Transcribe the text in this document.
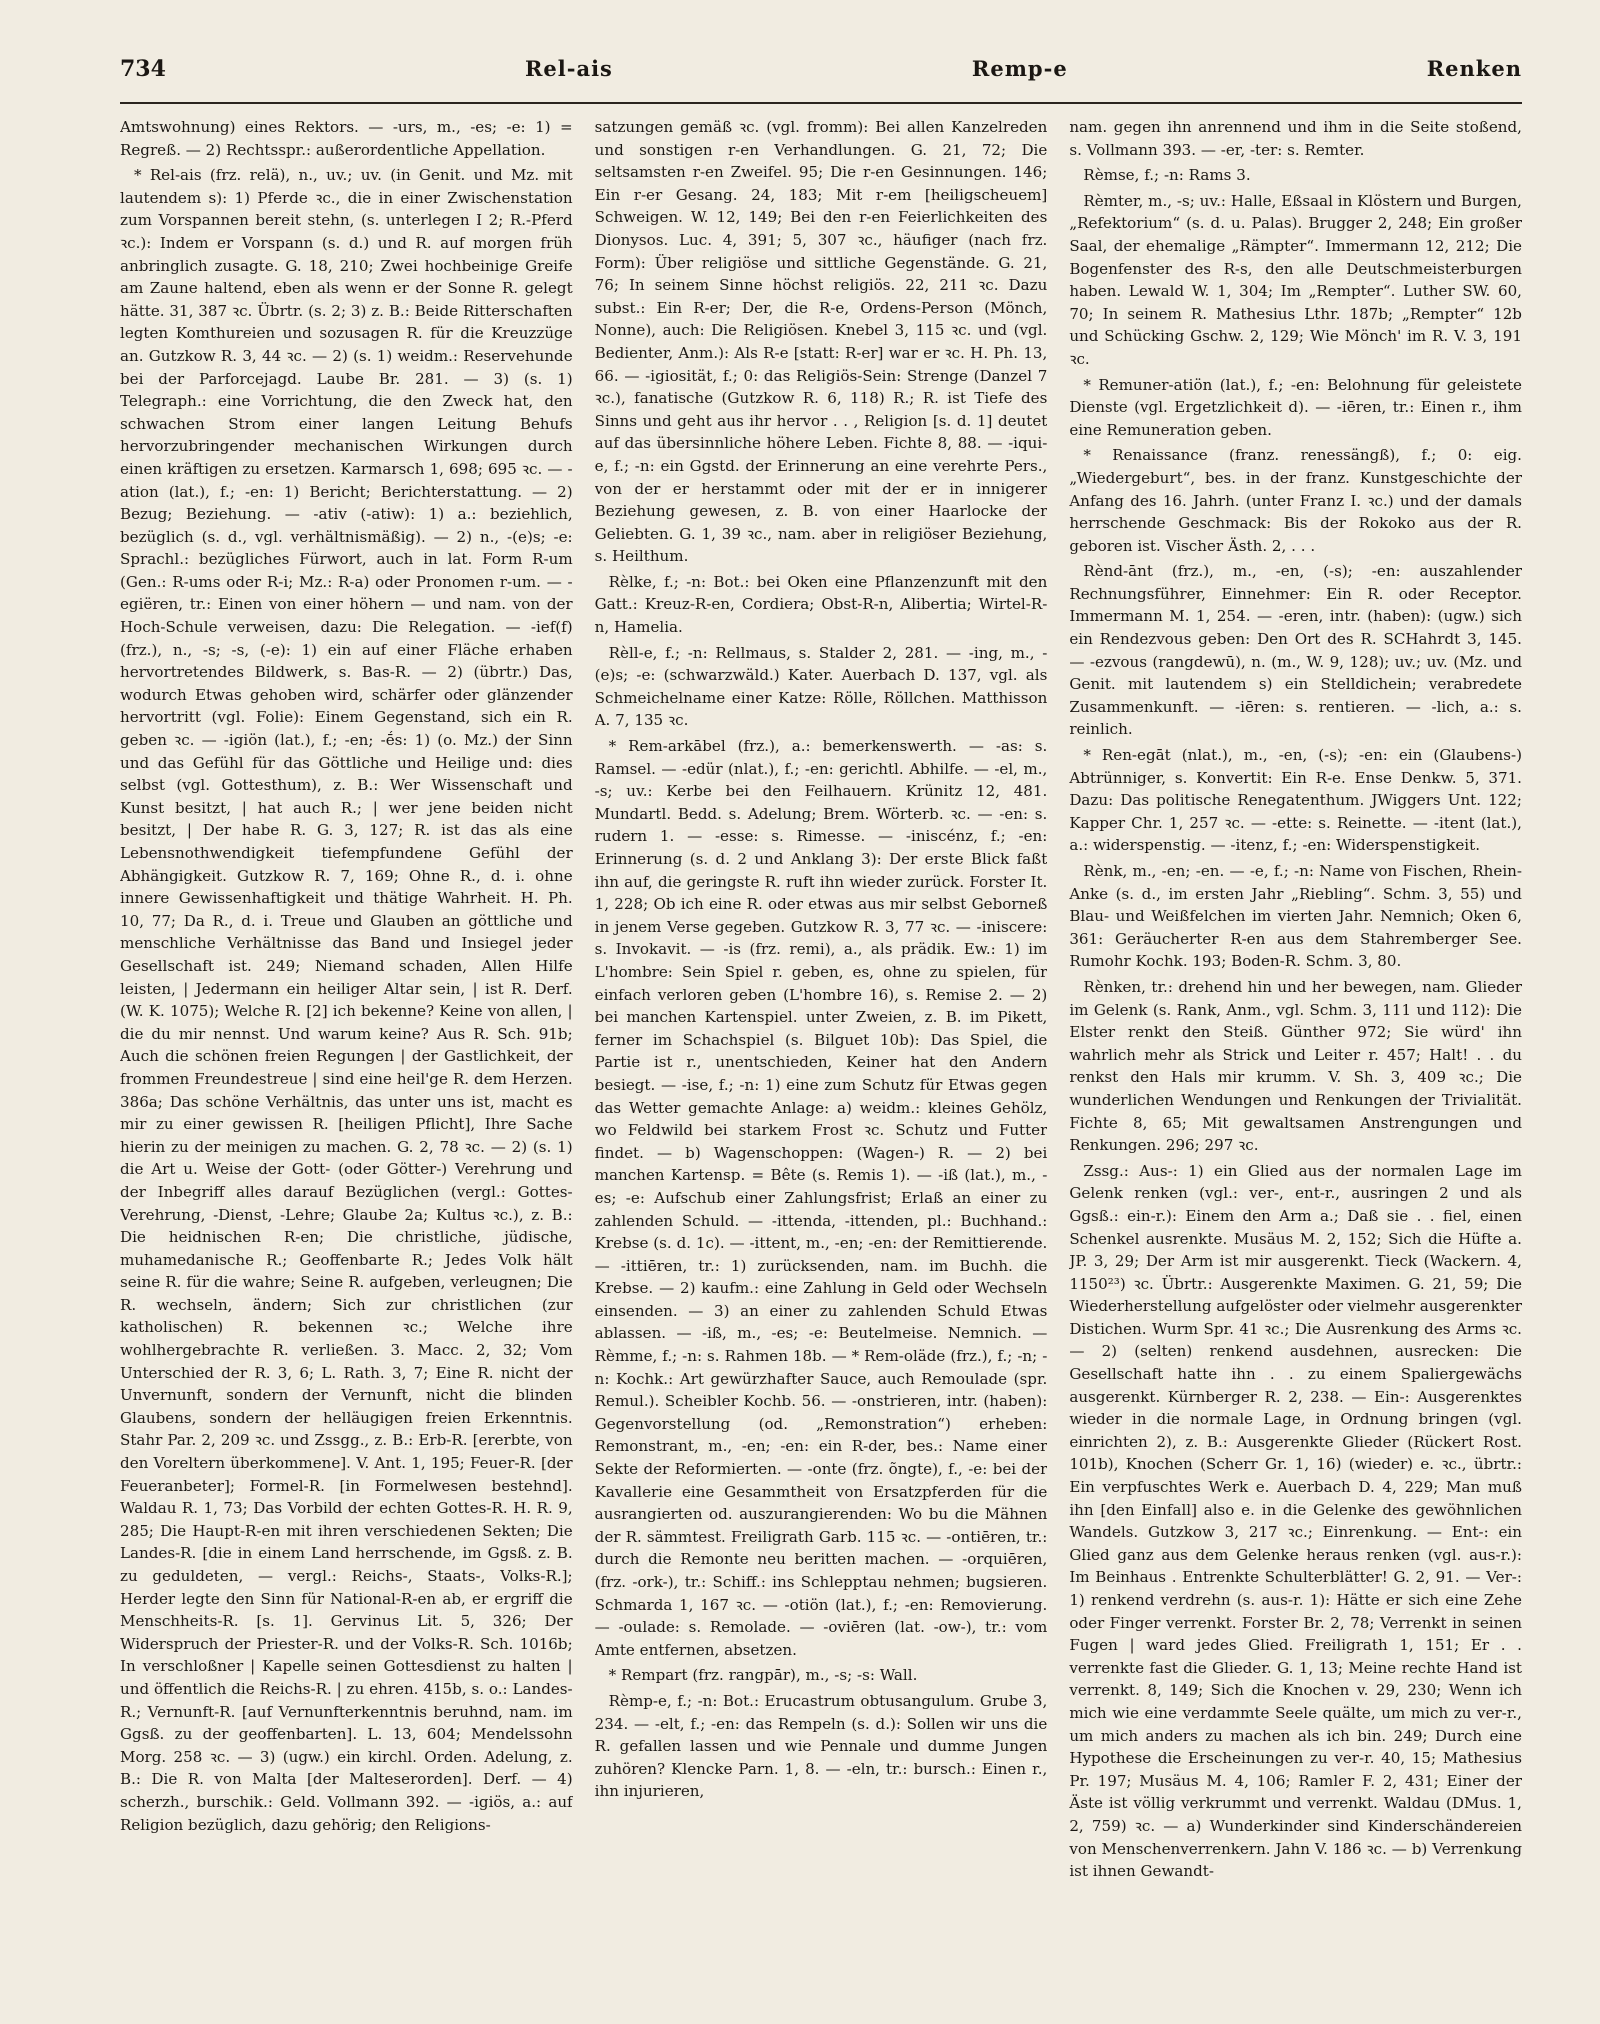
734	Rel-ais	Remp-e	Renken

Amtswohnung) eines Rektors. — -urs, m., -es; -e: 1) = Regreß. — 2) Rechtsspr.: außerordentliche Appellation.

* Rel-ais (frz. relä), n., uv.; uv. (in Genit. und Mz. mit lautendem s): 1) Pferde ꝛc., die in einer Zwischenstation zum Vorspannen bereit stehn, (s. unterlegen I 2; R.-Pferd ꝛc.): Indem er Vorspann (s. d.) und R. auf morgen früh anbringlich zusagte. G. 18, 210; Zwei hochbeinige Greife am Zaune haltend, eben als wenn er der Sonne R. gelegt hätte. 31, 387 ꝛc. Übrtr. (s. 2; 3) z. B.: Beide Ritterschaften legten Komthureien und sozusagen R. für die Kreuzzüge an. Gutzkow R. 3, 44 ꝛc. — 2) (s. 1) weidm.: Reservehunde bei der Parforcejagd. Laube Br. 281. — 3) (s. 1) Telegraph.: eine Vorrichtung, die den Zweck hat, den schwachen Strom einer langen Leitung Behufs hervorzubringender mechanischen Wirkungen durch einen kräftigen zu ersetzen. Karmarsch 1, 698; 695 ꝛc. — -ation (lat.), f.; -en: 1) Bericht; Berichterstattung. — 2) Bezug; Beziehung. — -ativ (-atiw): 1) a.: beziehlich, bezüglich (s. d., vgl. verhältnismäßig). — 2) n., -(e)s; -e: Sprachl.: bezügliches Fürwort, auch in lat. Form R-um (Gen.: R-ums oder R-i; Mz.: R-a) oder Pronomen r-um. — -egiëren, tr.: Einen von einer höhern — und nam. von der Hoch-Schule verweisen, dazu: Die Relegation. — -ief(f) (frz.), n., -s; -s, (-e): 1) ein auf einer Fläche erhaben hervortretendes Bildwerk, s. Bas-R. — 2) (übrtr.) Das, wodurch Etwas gehoben wird, schärfer oder glänzender hervortritt (vgl. Folie): Einem Gegenstand, sich ein R. geben ꝛc. — -igiön (lat.), f.; -en; -ḗs: 1) (o. Mz.) der Sinn und das Gefühl für das Göttliche und Heilige und: dies selbst (vgl. Gottesthum), z. B.: Wer Wissenschaft und Kunst besitzt, | hat auch R.; | wer jene beiden nicht besitzt, | Der habe R. G. 3, 127; R. ist das als eine Lebensnothwendigkeit tiefempfundene Gefühl der Abhängigkeit. Gutzkow R. 7, 169; Ohne R., d. i. ohne innere Gewissenhaftigkeit und thätige Wahrheit. H. Ph. 10, 77; Da R., d. i. Treue und Glauben an göttliche und menschliche Verhältnisse das Band und Insiegel jeder Gesellschaft ist. 249; Niemand schaden, Allen Hilfe leisten, | Jedermann ein heiliger Altar sein, | ist R. Derf. (W. K. 1075); Welche R. [2] ich bekenne? Keine von allen, | die du mir nennst. Und warum keine? Aus R. Sch. 91b; Auch die schönen freien Regungen | der Gastlichkeit, der frommen Freundestreue | sind eine heil'ge R. dem Herzen. 386a; Das schöne Verhältnis, das unter uns ist, macht es mir zu einer gewissen R. [heiligen Pflicht], Ihre Sache hierin zu der meinigen zu machen. G. 2, 78 ꝛc. — 2) (s. 1) die Art u. Weise der Gott- (oder Götter-) Verehrung und der Inbegriff alles darauf Bezüglichen (vergl.: Gottes-Verehrung, -Dienst, -Lehre; Glaube 2a; Kultus ꝛc.), z. B.: Die heidnischen R-en; Die christliche, jüdische, muhamedanische R.; Geoffenbarte R.; Jedes Volk hält seine R. für die wahre; Seine R. aufgeben, verleugnen; Die R. wechseln, ändern; Sich zur christlichen (zur katholischen) R. bekennen ꝛc.; Welche ihre wohlhergebrachte R. verließen. 3. Macc. 2, 32; Vom Unterschied der R. 3, 6; L. Rath. 3, 7; Eine R. nicht der Unvernunft, sondern der Vernunft, nicht die blinden Glaubens, sondern der helläugigen freien Erkenntnis. Stahr Par. 2, 209 ꝛc. und Zssgg., z. B.: Erb-R. [ererbte, von den Voreltern überkommene]. V. Ant. 1, 195; Feuer-R. [der Feueranbeter]; Formel-R. [in Formelwesen bestehnd]. Waldau R. 1, 73; Das Vorbild der echten Gottes-R. H. R. 9, 285; Die Haupt-R-en mit ihren verschiedenen Sekten; Die Landes-R. [die in einem Land herrschende, im Ggsß. z. B. zu geduldeten, — vergl.: Reichs-, Staats-, Volks-R.]; Herder legte den Sinn für National-R-en ab, er ergriff die Menschheits-R. [s. 1]. Gervinus Lit. 5, 326; Der Widerspruch der Priester-R. und der Volks-R. Sch. 1016b; In verschloßner | Kapelle seinen Gottesdienst zu halten | und öffentlich die Reichs-R. | zu ehren. 415b, s. o.: Landes-R.; Vernunft-R. [auf Vernunfterkenntnis beruhnd, nam. im Ggsß. zu der geoffenbarten]. L. 13, 604; Mendelssohn Morg. 258 ꝛc. — 3) (ugw.) ein kirchl. Orden. Adelung, z. B.: Die R. von Malta [der Malteserorden]. Derf. — 4) scherzh., burschik.: Geld. Vollmann 392. — -igiös, a.: auf Religion bezüglich, dazu gehörig; den Religions-

satzungen gemäß ꝛc. (vgl. fromm): Bei allen Kanzelreden und sonstigen r-en Verhandlungen. G. 21, 72; Die seltsamsten r-en Zweifel. 95; Die r-en Gesinnungen. 146; Ein r-er Gesang. 24, 183; Mit r-em [heiligscheuem] Schweigen. W. 12, 149; Bei den r-en Feierlichkeiten des Dionysos. Luc. 4, 391; 5, 307 ꝛc., häufiger (nach frz. Form): Über religiöse und sittliche Gegenstände. G. 21, 76; In seinem Sinne höchst religiös. 22, 211 ꝛc. Dazu subst.: Ein R-er; Der, die R-e, Ordens-Person (Mönch, Nonne), auch: Die Religiösen. Knebel 3, 115 ꝛc. und (vgl. Bedienter, Anm.): Als R-e [statt: R-er] war er ꝛc. H. Ph. 13, 66. — -igiosität, f.; 0: das Religiös-Sein: Strenge (Danzel 7 ꝛc.), fanatische (Gutzkow R. 6, 118) R.; R. ist Tiefe des Sinns und geht aus ihr hervor . . , Religion [s. d. 1] deutet auf das übersinnliche höhere Leben. Fichte 8, 88. — -iqui-e, f.; -n: ein Ggstd. der Erinnerung an eine verehrte Pers., von der er herstammt oder mit der er in innigerer Beziehung gewesen, z. B. von einer Haarlocke der Geliebten. G. 1, 39 ꝛc., nam. aber in religiöser Beziehung, s. Heilthum.

Rèlke, f.; -n: Bot.: bei Oken eine Pflanzenzunft mit den Gatt.: Kreuz-R-en, Cordiera; Obst-R-n, Alibertia; Wirtel-R-n, Hamelia.

Rèll-e, f.; -n: Rellmaus, s. Stalder 2, 281. — -ing, m., -(e)s; -e: (schwarzwäld.) Kater. Auerbach D. 137, vgl. als Schmeichelname einer Katze: Rölle, Röllchen. Matthisson A. 7, 135 ꝛc.

* Rem-arkābel (frz.), a.: bemerkenswerth. — -as: s. Ramsel. — -edür (nlat.), f.; -en: gerichtl. Abhilfe. — -el, m., -s; uv.: Kerbe bei den Feilhauern. Krünitz 12, 481. Mundartl. Bedd. s. Adelung; Brem. Wörterb. ꝛc. — -en: s. rudern 1. — -esse: s. Rimesse. — -iniscénz, f.; -en: Erinnerung (s. d. 2 und Anklang 3): Der erste Blick faßt ihn auf, die geringste R. ruft ihn wieder zurück. Forster It. 1, 228; Ob ich eine R. oder etwas aus mir selbst Geborneß in jenem Verse gegeben. Gutzkow R. 3, 77 ꝛc. — -iniscere: s. Invokavit. — -is (frz. remi), a., als prädik. Ew.: 1) im L'hombre: Sein Spiel r. geben, es, ohne zu spielen, für einfach verloren geben (L'hombre 16), s. Remise 2. — 2) bei manchen Kartenspiel. unter Zweien, z. B. im Pikett, ferner im Schachspiel (s. Bilguet 10b): Das Spiel, die Partie ist r., unentschieden, Keiner hat den Andern besiegt. — -ise, f.; -n: 1) eine zum Schutz für Etwas gegen das Wetter gemachte Anlage: a) weidm.: kleines Gehölz, wo Feldwild bei starkem Frost ꝛc. Schutz und Futter findet. — b) Wagenschoppen: (Wagen-) R. — 2) bei manchen Kartensp. = Bête (s. Remis 1). — -iß (lat.), m., -es; -e: Aufschub einer Zahlungsfrist; Erlaß an einer zu zahlenden Schuld. — -ittenda, -ittenden, pl.: Buchhand.: Krebse (s. d. 1c). — -ittent, m., -en; -en: der Remittierende. — -ittiēren, tr.: 1) zurücksenden, nam. im Buchh. die Krebse. — 2) kaufm.: eine Zahlung in Geld oder Wechseln einsenden. — 3) an einer zu zahlenden Schuld Etwas ablassen. — -iß, m., -es; -e: Beutelmeise. Nemnich. — Rèmme, f.; -n: s. Rahmen 18b. — * Rem-oläde (frz.), f.; -n; -n: Kochk.: Art gewürzhafter Sauce, auch Remoulade (spr. Remul.). Scheibler Kochb. 56. — -onstrieren, intr. (haben): Gegenvorstellung (od. „Remonstration“) erheben: Remonstrant, m., -en; -en: ein R-der, bes.: Name einer Sekte der Reformierten. — -onte (frz. õngte), f., -e: bei der Kavallerie eine Gesammtheit von Ersatzpferden für die ausrangierten od. auszurangierenden: Wo bu die Mähnen der R. sämmtest. Freiligrath Garb. 115 ꝛc. — -ontiēren, tr.: durch die Remonte neu beritten machen. — -orquiēren, (frz. -ork-), tr.: Schiff.: ins Schlepptau nehmen; bugsieren. Schmarda 1, 167 ꝛc. — -otiön (lat.), f.; -en: Removierung. — -oulade: s. Remolade. — -oviēren (lat. -ow-), tr.: vom Amte entfernen, absetzen.

* Rempart (frz. rangpār), m., -s; -s: Wall.

Rèmp-e, f.; -n: Bot.: Erucastrum obtusangulum. Grube 3, 234. — -elt, f.; -en: das Rempeln (s. d.): Sollen wir uns die R. gefallen lassen und wie Pennale und dumme Jungen zuhören? Klencke Parn. 1, 8. — -eln, tr.: bursch.: Einen r., ihn injurieren,

nam. gegen ihn anrennend und ihm in die Seite stoßend, s. Vollmann 393. — -er, -ter: s. Remter.

Rèmse, f.; -n: Rams 3.

Rèmter, m., -s; uv.: Halle, Eßsaal in Klöstern und Burgen, „Refektorium“ (s. d. u. Palas). Brugger 2, 248; Ein großer Saal, der ehemalige „Rämpter“. Immermann 12, 212; Die Bogenfenster des R-s, den alle Deutschmeisterburgen haben. Lewald W. 1, 304; Im „Rempter“. Luther SW. 60, 70; In seinem R. Mathesius Lthr. 187b; „Rempter“ 12b und Schücking Gschw. 2, 129; Wie Mönch' im R. V. 3, 191 ꝛc.

* Remuner-atiön (lat.), f.; -en: Belohnung für geleistete Dienste (vgl. Ergetzlichkeit d). — -iēren, tr.: Einen r., ihm eine Remuneration geben.

* Renaissance (franz. renessängß), f.; 0: eig. „Wiedergeburt“, bes. in der franz. Kunstgeschichte der Anfang des 16. Jahrh. (unter Franz I. ꝛc.) und der damals herrschende Geschmack: Bis der Rokoko aus der R. geboren ist. Vischer Ästh. 2, . . .

Rènd-ānt (frz.), m., -en, (-s); -en: auszahlender Rechnungsführer, Einnehmer: Ein R. oder Receptor. Immermann M. 1, 254. — -eren, intr. (haben): (ugw.) sich ein Rendezvous geben: Den Ort des R. SCHahrdt 3, 145. — -ezvous (rangdewū), n. (m., W. 9, 128); uv.; uv. (Mz. und Genit. mit lautendem s) ein Stelldichein; verabredete Zusammenkunft. — -iēren: s. rentieren. — -lich, a.: s. reinlich.

* Ren-egāt (nlat.), m., -en, (-s); -en: ein (Glaubens-) Abtrünniger, s. Konvertit: Ein R-e. Ense Denkw. 5, 371. Dazu: Das politische Renegatenthum. JWiggers Unt. 122; Kapper Chr. 1, 257 ꝛc. — -ette: s. Reinette. — -itent (lat.), a.: widerspenstig. — -itenz, f.; -en: Widerspenstigkeit.

Rènk, m., -en; -en. — -e, f.; -n: Name von Fischen, Rhein-Anke (s. d., im ersten Jahr „Riebling“. Schm. 3, 55) und Blau- und Weißfelchen im vierten Jahr. Nemnich; Oken 6, 361: Geräucherter R-en aus dem Stahremberger See. Rumohr Kochk. 193; Boden-R. Schm. 3, 80.

Rènken, tr.: drehend hin und her bewegen, nam. Glieder im Gelenk (s. Rank, Anm., vgl. Schm. 3, 111 und 112): Die Elster renkt den Steiß. Günther 972; Sie würd' ihn wahrlich mehr als Strick und Leiter r. 457; Halt! . . du renkst den Hals mir krumm. V. Sh. 3, 409 ꝛc.; Die wunderlichen Wendungen und Renkungen der Trivialität. Fichte 8, 65; Mit gewaltsamen Anstrengungen und Renkungen. 296; 297 ꝛc.

Zssg.: Aus-: 1) ein Glied aus der normalen Lage im Gelenk renken (vgl.: ver-, ent-r., ausringen 2 und als Ggsß.: ein-r.): Einem den Arm a.; Daß sie . . fiel, einen Schenkel ausrenkte. Musäus M. 2, 152; Sich die Hüfte a. JP. 3, 29; Der Arm ist mir ausgerenkt. Tieck (Wackern. 4, 1150²³) ꝛc. Übrtr.: Ausgerenkte Maximen. G. 21, 59; Die Wiederherstellung aufgelöster oder vielmehr ausgerenkter Distichen. Wurm Spr. 41 ꝛc.; Die Ausrenkung des Arms ꝛc. — 2) (selten) renkend ausdehnen, ausrecken: Die Gesellschaft hatte ihn . . zu einem Spaliergewächs ausgerenkt. Kürnberger R. 2, 238. — Ein-: Ausgerenktes wieder in die normale Lage, in Ordnung bringen (vgl. einrichten 2), z. B.: Ausgerenkte Glieder (Rückert Rost. 101b), Knochen (Scherr Gr. 1, 16) (wieder) e. ꝛc., übrtr.: Ein verpfuschtes Werk e. Auerbach D. 4, 229; Man muß ihn [den Einfall] also e. in die Gelenke des gewöhnlichen Wandels. Gutzkow 3, 217 ꝛc.; Einrenkung. — Ent-: ein Glied ganz aus dem Gelenke heraus renken (vgl. aus-r.): Im Beinhaus . Entrenkte Schulterblätter! G. 2, 91. — Ver-: 1) renkend verdrehn (s. aus-r. 1): Hätte er sich eine Zehe oder Finger verrenkt. Forster Br. 2, 78; Verrenkt in seinen Fugen | ward jedes Glied. Freiligrath 1, 151; Er . . verrenkte fast die Glieder. G. 1, 13; Meine rechte Hand ist verrenkt. 8, 149; Sich die Knochen v. 29, 230; Wenn ich mich wie eine verdammte Seele quälte, um mich zu ver-r., um mich anders zu machen als ich bin. 249; Durch eine Hypothese die Erscheinungen zu ver-r. 40, 15; Mathesius Pr. 197; Musäus M. 4, 106; Ramler F. 2, 431; Einer der Äste ist völlig verkrummt und verrenkt. Waldau (DMus. 1, 2, 759) ꝛc. — a) Wunderkinder sind Kinderschändereien von Menschenverrenkern. Jahn V. 186 ꝛc. — b) Verrenkung ist ihnen Gewandt-
